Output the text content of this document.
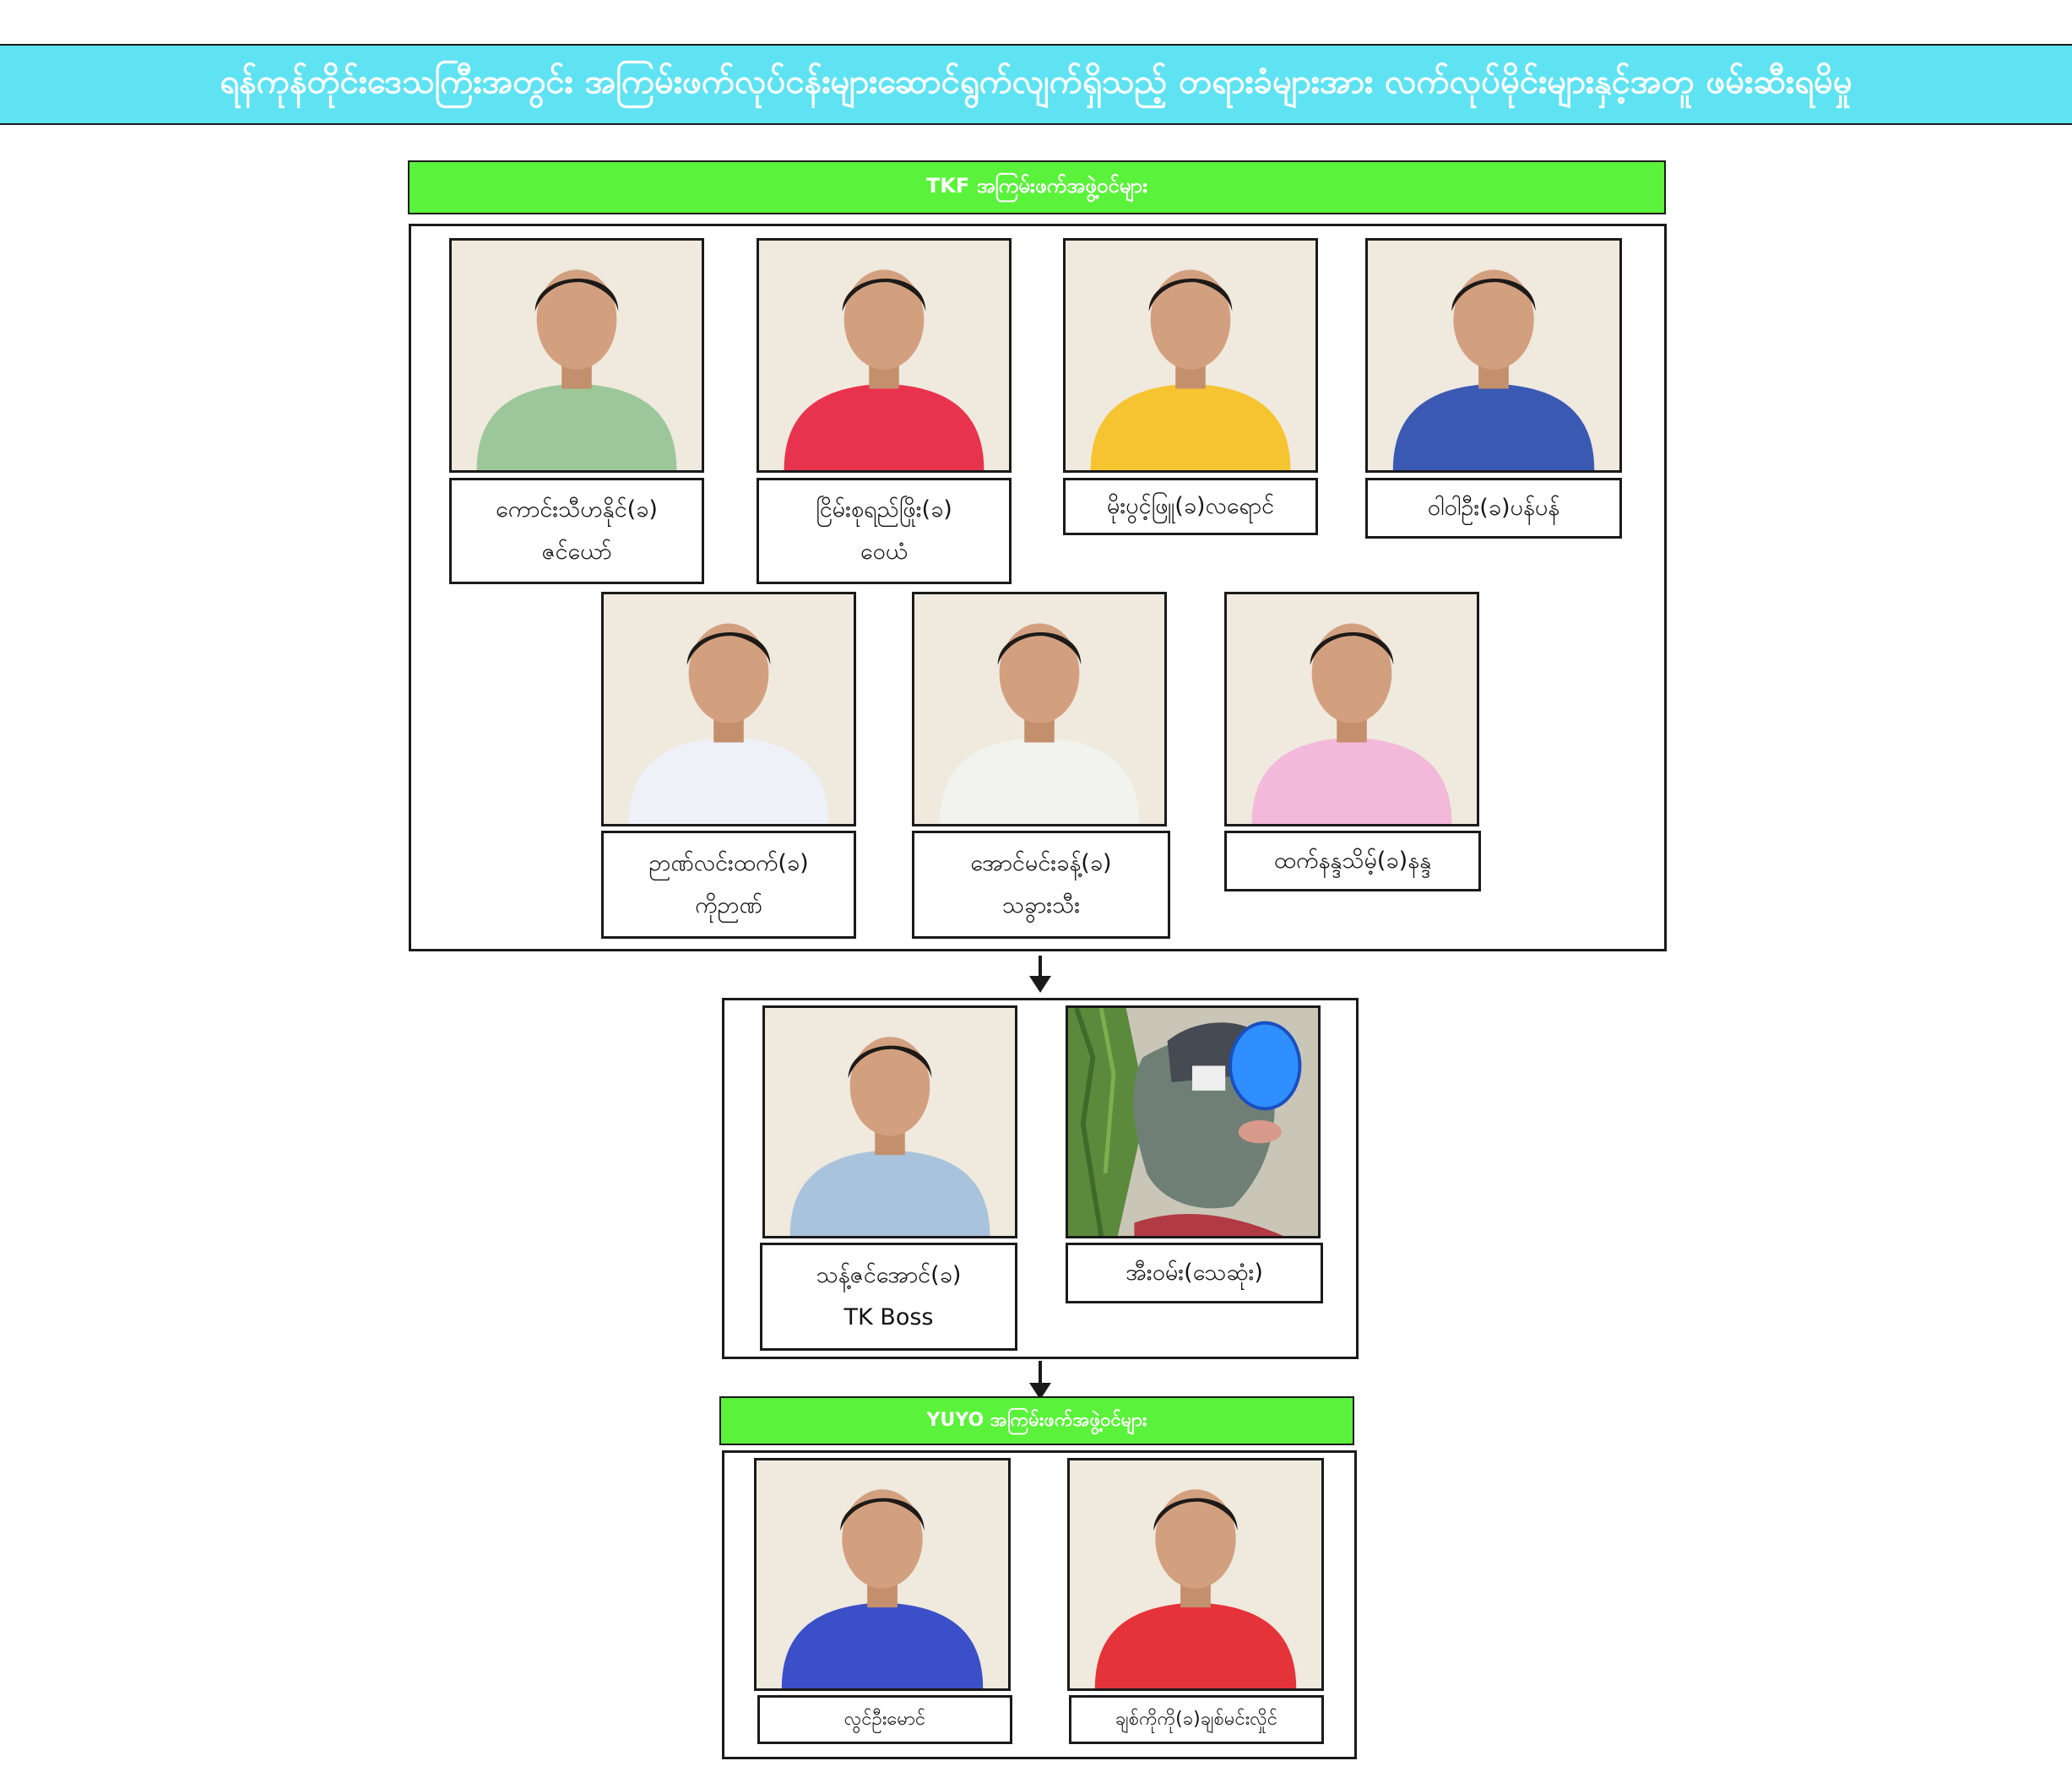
ရန်ကုန်တိုင်းဒေသကြီးအတွင်း အကြမ်းဖက်လုပ်ငန်းများဆောင်ရွက်လျက်ရှိသည့် တရားခံများအား လက်လုပ်မိုင်းများနှင့်အတူ ဖမ်းဆီးရမိမှု
TKF အကြမ်းဖက်အဖွဲ့ဝင်များ
ကောင်းသီဟနိုင်(ခ)
ဇင်ယော်
ငြိမ်းစုရည်ဖြိုး(ခ)
ဝေယံ
မိုးပွင့်ဖြူ(ခ)လရောင်	ဝါဝါဦး(ခ)ပန်ပန်
ဉာဏ်လင်းထက်(ခ)
ကိုဉာဏ်
အောင်မင်းခန့်(ခ)
သခွားသီး
ထက်နန္ဒသိမ့်(ခ)နန္ဒ
သန့်ဇင်အောင်(ခ)
TK Boss
အီးဝမ်း(သေဆုံး)
YUYO အကြမ်းဖက်အဖွဲ့ဝင်များ
လွင်ဦးမောင်	ချစ်ကိုကို(ခ)ချစ်မင်းလှိုင်
